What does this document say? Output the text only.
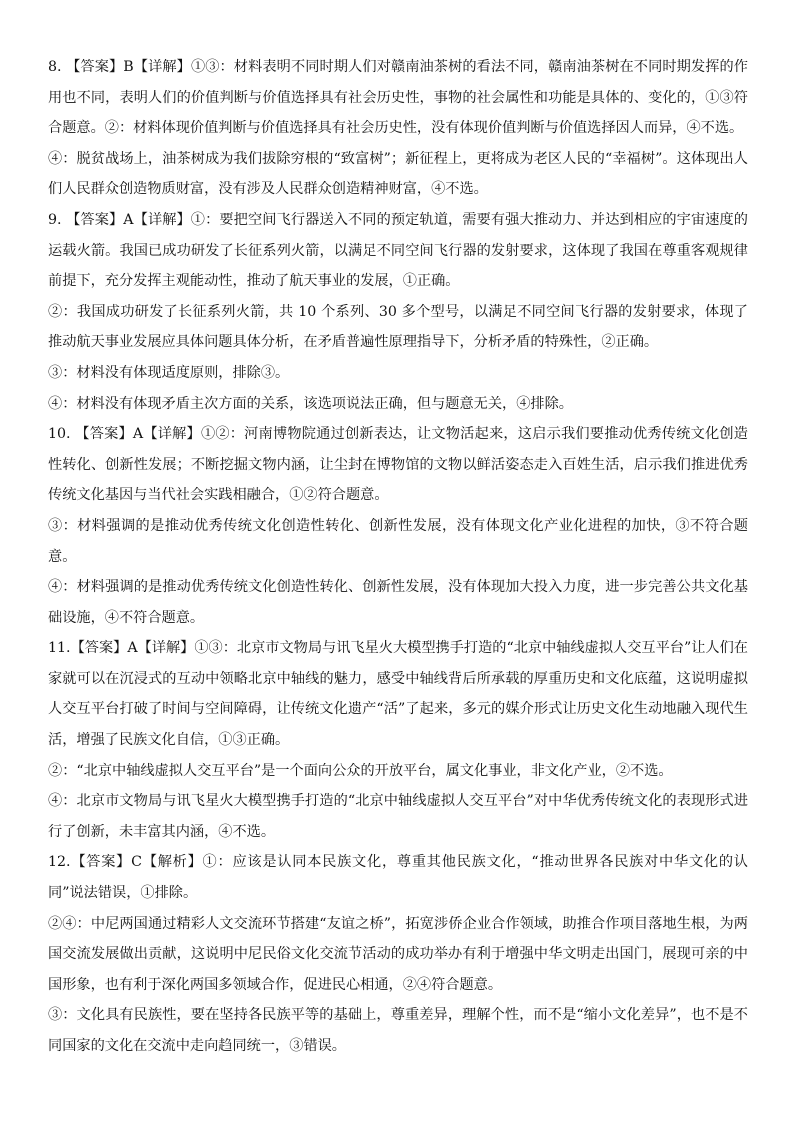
8. 【答案】B【详解】①③：材料表明不同时期人们对赣南油茶树的看法不同，赣南油茶树在不同时期发挥的作用也不同，表明人们的价值判断与价值选择具有社会历史性，事物的社会属性和功能是具体的、变化的，①③符合题意。②：材料体现价值判断与价值选择具有社会历史性，没有体现价值判断与价值选择因人而异，④不选。

④：脱贫战场上，油茶树成为我们拔除穷根的“致富树”；新征程上，更将成为老区人民的“幸福树”。这体现出人们人民群众创造物质财富，没有涉及人民群众创造精神财富，④不选。

9. 【答案】A【详解】①：要把空间飞行器送入不同的预定轨道，需要有强大推动力、并达到相应的宇宙速度的运载火箭。我国已成功研发了长征系列火箭，以满足不同空间飞行器的发射要求，这体现了我国在尊重客观规律前提下，充分发挥主观能动性，推动了航天事业的发展，①正确。

②：我国成功研发了长征系列火箭，共 10 个系列、30 多个型号，以满足不同空间飞行器的发射要求，体现了推动航天事业发展应具体问题具体分析，在矛盾普遍性原理指导下，分析矛盾的特殊性，②正确。

③：材料没有体现适度原则，排除③。

④：材料没有体现矛盾主次方面的关系，该选项说法正确，但与题意无关，④排除。

10. 【答案】A【详解】①②：河南博物院通过创新表达，让文物活起来，这启示我们要推动优秀传统文化创造性转化、创新性发展；不断挖掘文物内涵，让尘封在博物馆的文物以鲜活姿态走入百姓生活，启示我们推进优秀传统文化基因与当代社会实践相融合，①②符合题意。

③：材料强调的是推动优秀传统文化创造性转化、创新性发展，没有体现文化产业化进程的加快，③不符合题意。

④：材料强调的是推动优秀传统文化创造性转化、创新性发展，没有体现加大投入力度，进一步完善公共文化基础设施，④不符合题意。

11.【答案】A【详解】①③：北京市文物局与讯飞星火大模型携手打造的“北京中轴线虚拟人交互平台”让人们在家就可以在沉浸式的互动中领略北京中轴线的魅力，感受中轴线背后所承载的厚重历史和文化底蕴，这说明虚拟人交互平台打破了时间与空间障碍，让传统文化遗产“活”了起来，多元的媒介形式让历史文化生动地融入现代生活，增强了民族文化自信，①③正确。

②：“北京中轴线虚拟人交互平台”是一个面向公众的开放平台，属文化事业，非文化产业，②不选。

④：北京市文物局与讯飞星火大模型携手打造的“北京中轴线虚拟人交互平台”对中华优秀传统文化的表现形式进行了创新，未丰富其内涵，④不选。

12.【答案】C【解析】①：应该是认同本民族文化，尊重其他民族文化，“推动世界各民族对中华文化的认同”说法错误，①排除。

②④：中尼两国通过精彩人文交流环节搭建“友谊之桥”，拓宽涉侨企业合作领域，助推合作项目落地生根，为两国交流发展做出贡献，这说明中尼民俗文化交流节活动的成功举办有利于增强中华文明走出国门，展现可亲的中国形象，也有利于深化两国多领域合作，促进民心相通，②④符合题意。

③：文化具有民族性，要在坚持各民族平等的基础上，尊重差异，理解个性，而不是“缩小文化差异”，也不是不同国家的文化在交流中走向趋同统一，③错误。
